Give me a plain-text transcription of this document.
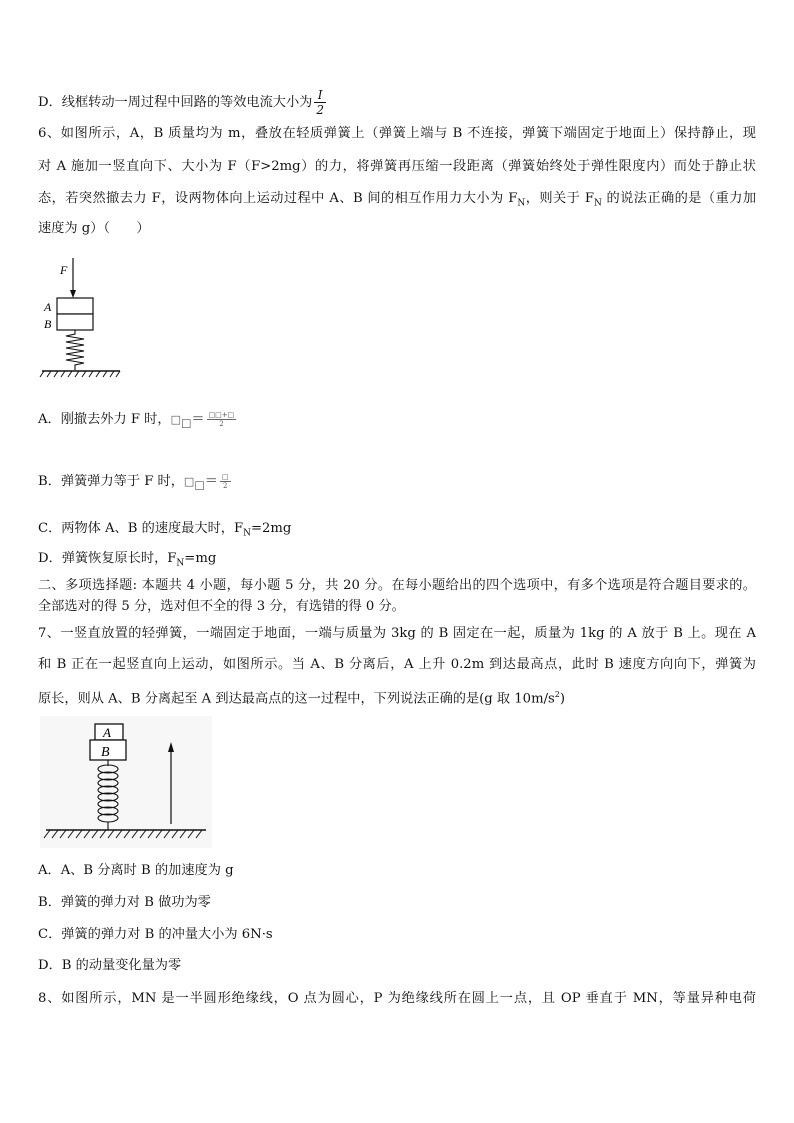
D．线框转动一周过程中回路的等效电流大小为 $\frac{I}{2}$
6、如图所示，A，B 质量均为 m，叠放在轻质弹簧上（弹簧上端与 B 不连接，弹簧下端固定于地面上）保持静止，现
对 A 施加一竖直向下、大小为 F（F>2mg）的力，将弹簧再压缩一段距离（弹簧始终处于弹性限度内）而处于静止状
态，若突然撤去力 F，设两物体向上运动过程中 A、B 间的相互作用力大小为 $F_N$，则关于 $F_N$ 的说法正确的是（重力加
速度为 g）（　　）
F
A
B
A．刚撤去外力 F 时，$□_□= \frac{□□+□}{2}$
B．弹簧弹力等于 F 时，$□_□= \frac{□}{2}$
C．两物体 A、B 的速度最大时，$F_N=2mg$
D．弹簧恢复原长时，$F_N=mg$
二、多项选择题: 本题共 4 小题，每小题 5 分，共 20 分。在每小题给出的四个选项中，有多个选项是符合题目要求的。
全部选对的得 5 分，选对但不全的得 3 分，有选错的得 0 分。
7、一竖直放置的轻弹簧，一端固定于地面，一端与质量为 3kg 的 B 固定在一起，质量为 1kg 的 A 放于 B 上。现在 A
和 B 正在一起竖直向上运动，如图所示。当 A、B 分离后，A 上升 0.2m 到达最高点，此时 B 速度方向向下，弹簧为
原长，则从 A、B 分离起至 A 到达最高点的这一过程中，下列说法正确的是(g 取 $10m/s^2$)
A
B
A．A、B 分离时 B 的加速度为 g
B．弹簧的弹力对 B 做功为零
C．弹簧的弹力对 B 的冲量大小为 6N·s
D．B 的动量变化量为零
8、如图所示，MN 是一半圆形绝缘线，O 点为圆心，P 为绝缘线所在圆上一点，且 OP 垂直于 MN，等量异种电荷
